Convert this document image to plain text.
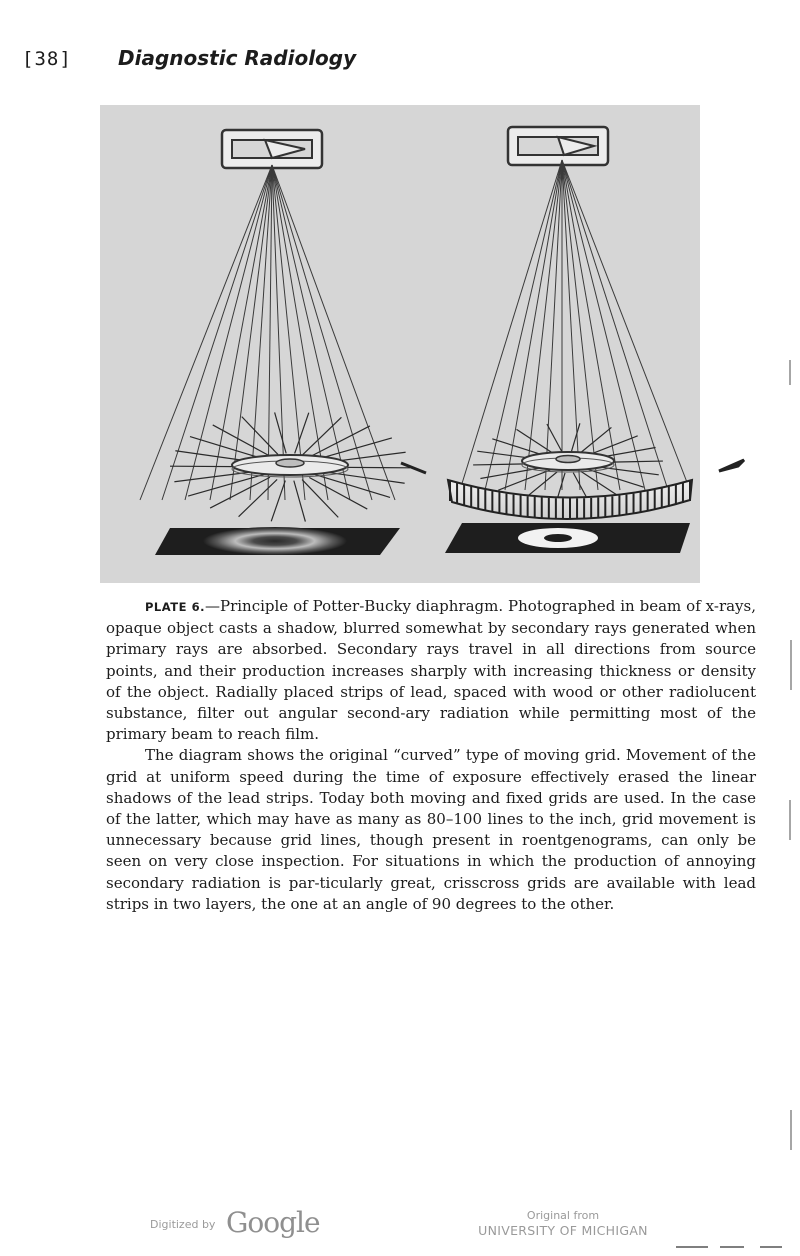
[38] Diagnostic Radiology

PLATE 6.—Principle of Potter-Bucky diaphragm. Photographed in beam of x-rays, opaque object casts a shadow, blurred somewhat by secondary rays generated when primary rays are absorbed. Secondary rays travel in all directions from source points, and their production increases sharply with increasing thickness or density of the object. Radially placed strips of lead, spaced with wood or other radiolucent substance, filter out angular second-ary radiation while permitting most of the primary beam to reach film.

The diagram shows the original “curved” type of moving grid. Movement of the grid at uniform speed during the time of exposure effectively erased the linear shadows of the lead strips. Today both moving and fixed grids are used. In the case of the latter, which may have as many as 80–100 lines to the inch, grid movement is unnecessary because grid lines, though present in roentgenograms, can only be seen on very close inspection. For situations in which the production of annoying secondary radiation is par-ticularly great, crisscross grids are available with lead strips in two layers, the one at an angle of 90 degrees to the other.

Digitized by Google	Original from
UNIVERSITY OF MICHIGAN
